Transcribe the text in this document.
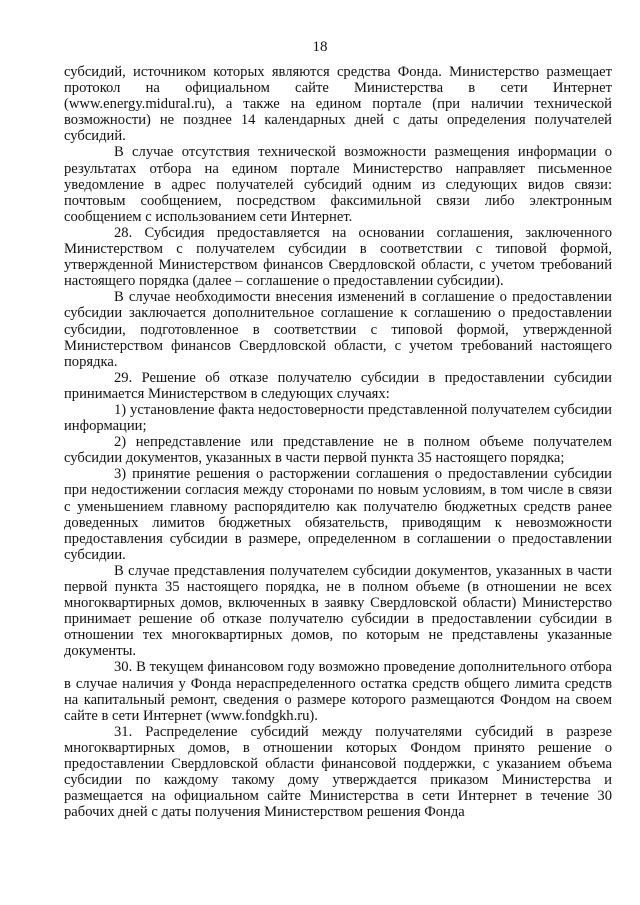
18

субсидий, источником которых являются средства Фонда. Министерство размещает протокол на официальном сайте Министерства в сети Интернет (www.energy.midural.ru), а также на едином портале (при наличии технической возможности) не позднее 14 календарных дней с даты определения получателей субсидий.

В случае отсутствия технической возможности размещения информации о результатах отбора на едином портале Министерство направляет письменное уведомление в адрес получателей субсидий одним из следующих видов связи: почтовым сообщением, посредством факсимильной связи либо электронным сообщением с использованием сети Интернет.

28. Субсидия предоставляется на основании соглашения, заключенного Министерством с получателем субсидии в соответствии с типовой формой, утвержденной Министерством финансов Свердловской области, с учетом требований настоящего порядка (далее – соглашение о предоставлении субсидии).

В случае необходимости внесения изменений в соглашение о предоставлении субсидии заключается дополнительное соглашение к соглашению о предоставлении субсидии, подготовленное в соответствии с типовой формой, утвержденной Министерством финансов Свердловской области, с учетом требований настоящего порядка.

29. Решение об отказе получателю субсидии в предоставлении субсидии принимается Министерством в следующих случаях:

1) установление факта недостоверности представленной получателем субсидии информации;

2) непредставление или представление не в полном объеме получателем субсидии документов, указанных в части первой пункта 35 настоящего порядка;

3) принятие решения о расторжении соглашения о предоставлении субсидии при недостижении согласия между сторонами по новым условиям, в том числе в связи с уменьшением главному распорядителю как получателю бюджетных средств ранее доведенных лимитов бюджетных обязательств, приводящим к невозможности предоставления субсидии в размере, определенном в соглашении о предоставлении субсидии.

В случае представления получателем субсидии документов, указанных в части первой пункта 35 настоящего порядка, не в полном объеме (в отношении не всех многоквартирных домов, включенных в заявку Свердловской области) Министерство принимает решение об отказе получателю субсидии в предоставлении субсидии в отношении тех многоквартирных домов, по которым не представлены указанные документы.

30. В текущем финансовом году возможно проведение дополнительного отбора в случае наличия у Фонда нераспределенного остатка средств общего лимита средств на капитальный ремонт, сведения о размере которого размещаются Фондом на своем сайте в сети Интернет (www.fondgkh.ru).

31. Распределение субсидий между получателями субсидий в разрезе многоквартирных домов, в отношении которых Фондом принято решение о предоставлении Свердловской области финансовой поддержки, с указанием объема субсидии по каждому такому дому утверждается приказом Министерства и размещается на официальном сайте Министерства в сети Интернет в течение 30 рабочих дней с даты получения Министерством решения Фонда
